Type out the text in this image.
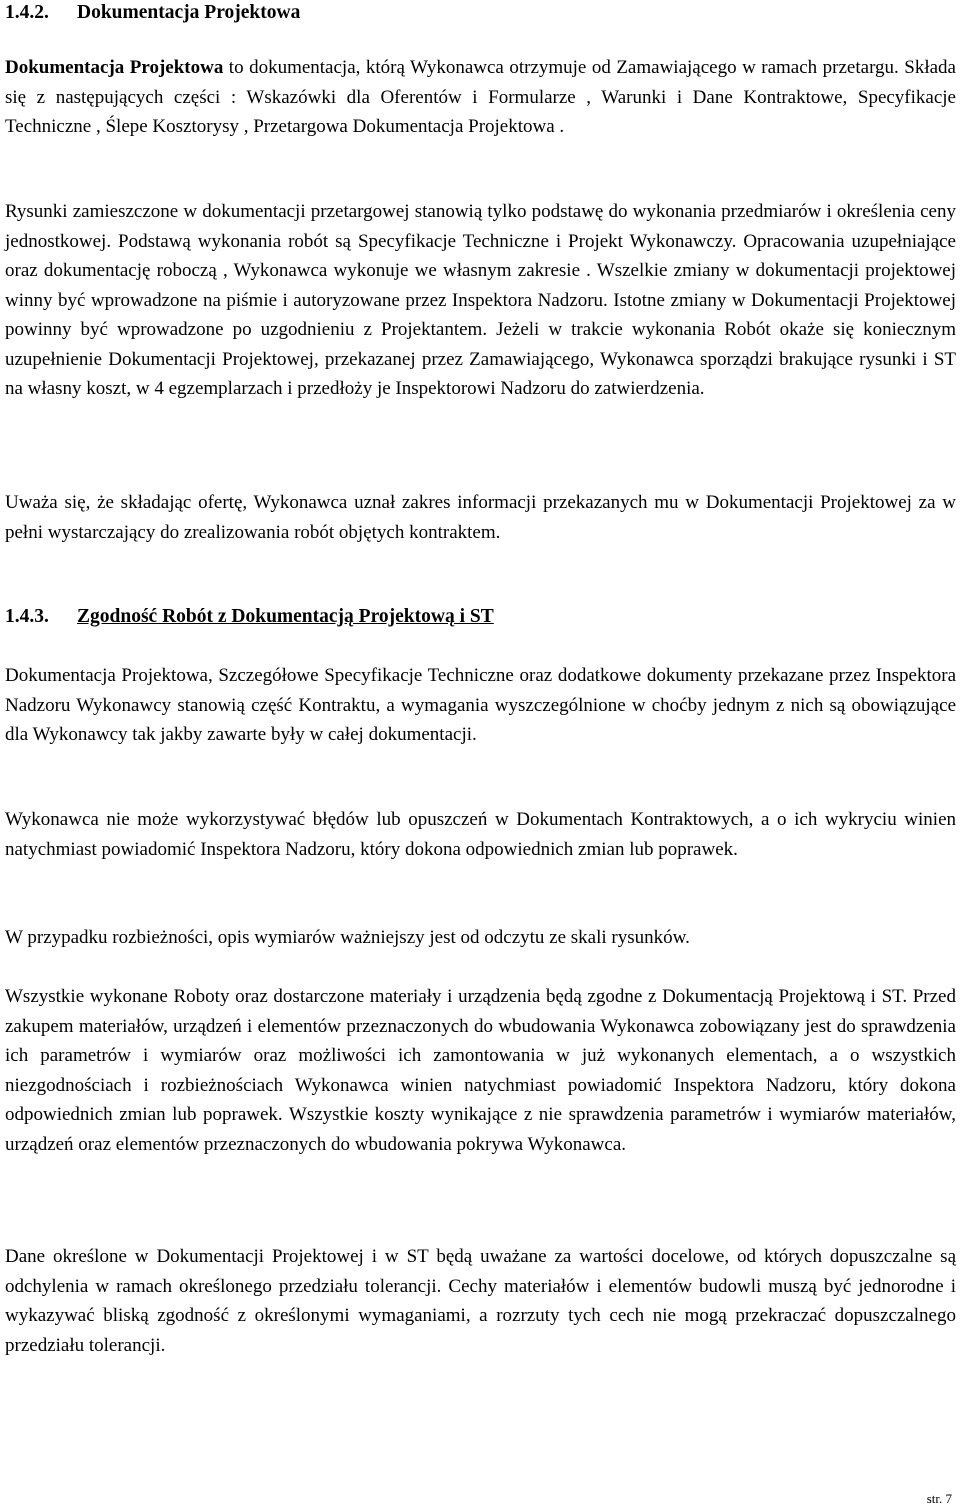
1.4.2. Dokumentacja Projektowa

Dokumentacja Projektowa to dokumentacja, którą Wykonawca otrzymuje od Zamawiającego w ramach przetargu. Składa się z następujących części : Wskazówki dla Oferentów i Formularze , Warunki i Dane Kontraktowe, Specyfikacje Techniczne , Ślepe Kosztorysy , Przetargowa Dokumentacja Projektowa .

Rysunki zamieszczone w dokumentacji przetargowej stanowią tylko podstawę do wykonania przedmiarów i określenia ceny jednostkowej. Podstawą wykonania robót są Specyfikacje Techniczne i Projekt Wykonawczy. Opracowania uzupełniające oraz dokumentację roboczą , Wykonawca wykonuje we własnym zakresie . Wszelkie zmiany w dokumentacji projektowej winny być wprowadzone na piśmie i autoryzowane przez Inspektora Nadzoru. Istotne zmiany w Dokumentacji Projektowej powinny być wprowadzone po uzgodnieniu z Projektantem. Jeżeli w trakcie wykonania Robót okaże się koniecznym uzupełnienie Dokumentacji Projektowej, przekazanej przez Zamawiającego, Wykonawca sporządzi brakujące rysunki i ST na własny koszt, w 4 egzemplarzach i przedłoży je Inspektorowi Nadzoru do zatwierdzenia.

Uważa się, że składając ofertę, Wykonawca uznał zakres informacji przekazanych mu w Dokumentacji Projektowej za w pełni wystarczający do zrealizowania robót objętych kontraktem.

1.4.3. Zgodność Robót z Dokumentacją Projektową i ST

Dokumentacja Projektowa, Szczegółowe Specyfikacje Techniczne oraz dodatkowe dokumenty przekazane przez Inspektora Nadzoru Wykonawcy stanowią część Kontraktu, a wymagania wyszczególnione w choćby jednym z nich są obowiązujące dla Wykonawcy tak jakby zawarte były w całej dokumentacji.

Wykonawca nie może wykorzystywać błędów lub opuszczeń w Dokumentach Kontraktowych, a o ich wykryciu winien natychmiast powiadomić Inspektora Nadzoru, który dokona odpowiednich zmian lub poprawek.

W przypadku rozbieżności, opis wymiarów ważniejszy jest od odczytu ze skali rysunków.

Wszystkie wykonane Roboty oraz dostarczone materiały i urządzenia będą zgodne z Dokumentacją Projektową i ST. Przed zakupem materiałów, urządzeń i elementów przeznaczonych do wbudowania Wykonawca zobowiązany jest do sprawdzenia ich parametrów i wymiarów oraz możliwości ich zamontowania w już wykonanych elementach, a o wszystkich niezgodnościach i rozbieżnościach Wykonawca winien natychmiast powiadomić Inspektora Nadzoru, który dokona odpowiednich zmian lub poprawek. Wszystkie koszty wynikające z nie sprawdzenia parametrów i wymiarów materiałów, urządzeń oraz elementów przeznaczonych do wbudowania pokrywa Wykonawca.

Dane określone w Dokumentacji Projektowej i w ST będą uważane za wartości docelowe, od których dopuszczalne są odchylenia w ramach określonego przedziału tolerancji. Cechy materiałów i elementów budowli muszą być jednorodne i wykazywać bliską zgodność z określonymi wymaganiami, a rozrzuty tych cech nie mogą przekraczać dopuszczalnego przedziału tolerancji.

str. 7
